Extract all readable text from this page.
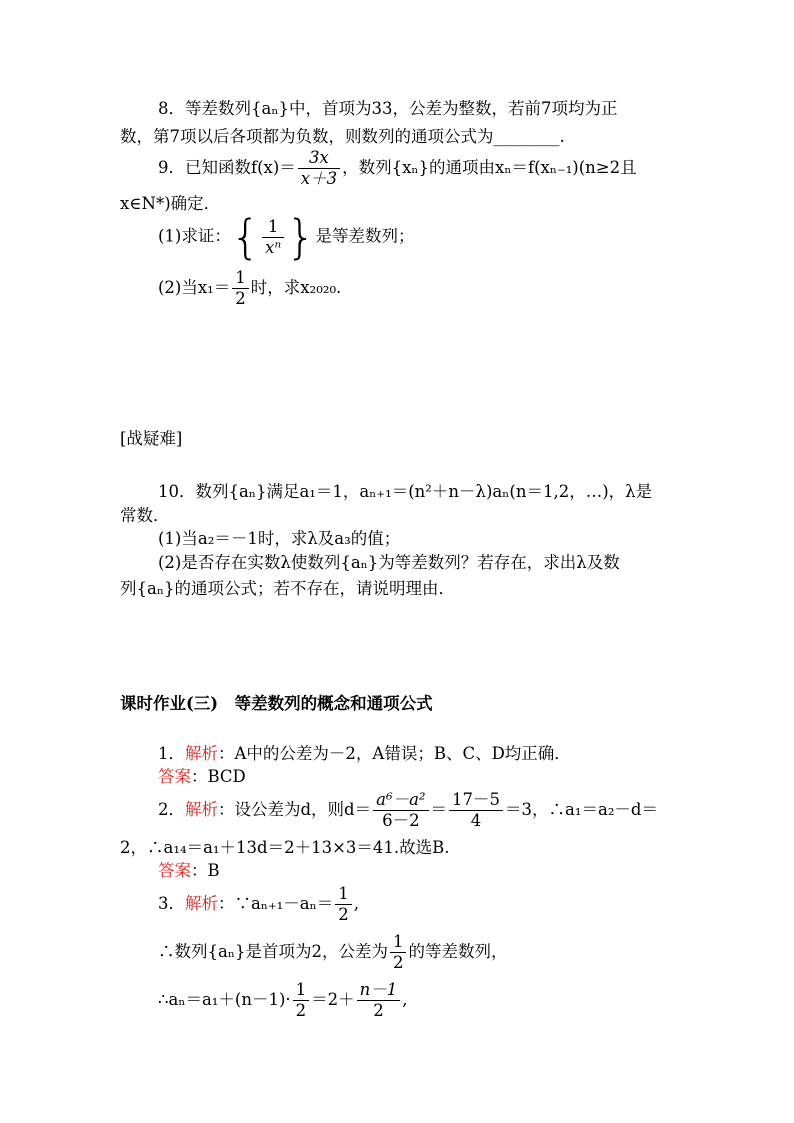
8．等差数列{aₙ}中，首项为33，公差为整数，若前7项均为正
数，第7项以后各项都为负数，则数列的通项公式为________.
9．已知函数$f(x)= \frac{3x}{x+3}$ ，数列{xₙ}的通项由xₙ＝f(xₙ₋₁)(n≥2且
x∈N*)确定．
(1)求证：{ $\frac{1}{\text{xⁿ}}$ }是等差数列；
(2)当$x_1= \frac{1}{2}$ 时，求x₂₀₂₀.
[战疑难]
10．数列{aₙ}满足a₁＝1，aₙ₊₁＝(n²＋n－λ)aₙ(n＝1,2，…)，λ是
常数．
(1)当a₂＝－1时，求λ及a₃的值；
(2)是否存在实数λ使数列{aₙ}为等差数列？若存在，求出λ及数
列{aₙ}的通项公式；若不存在，请说明理由．
课时作业(三)　等差数列的概念和通项公式
1．解析：A中的公差为－2，A错误；B、C、D均正确．
答案：BCD
2．解析：设公差为d，则$d= \frac{\text{a⁶－a²}}{6-2} = \frac{17-5}{4} =3$，∴a₁＝a₂－d＝
2，∴a₁₄＝a₁＋13d＝2＋13×3＝41.故选B.
答案：B
3．解析：∵aₙ₊₁－aₙ＝ $\frac{1}{2}$ ,
∴数列{aₙ}是首项为2，公差为 $\frac{1}{2}$ 的等差数列，
∴aₙ＝a₁＋(n－1)· $\frac{1}{2} =2+ \frac{n-1}{2}$ ,
